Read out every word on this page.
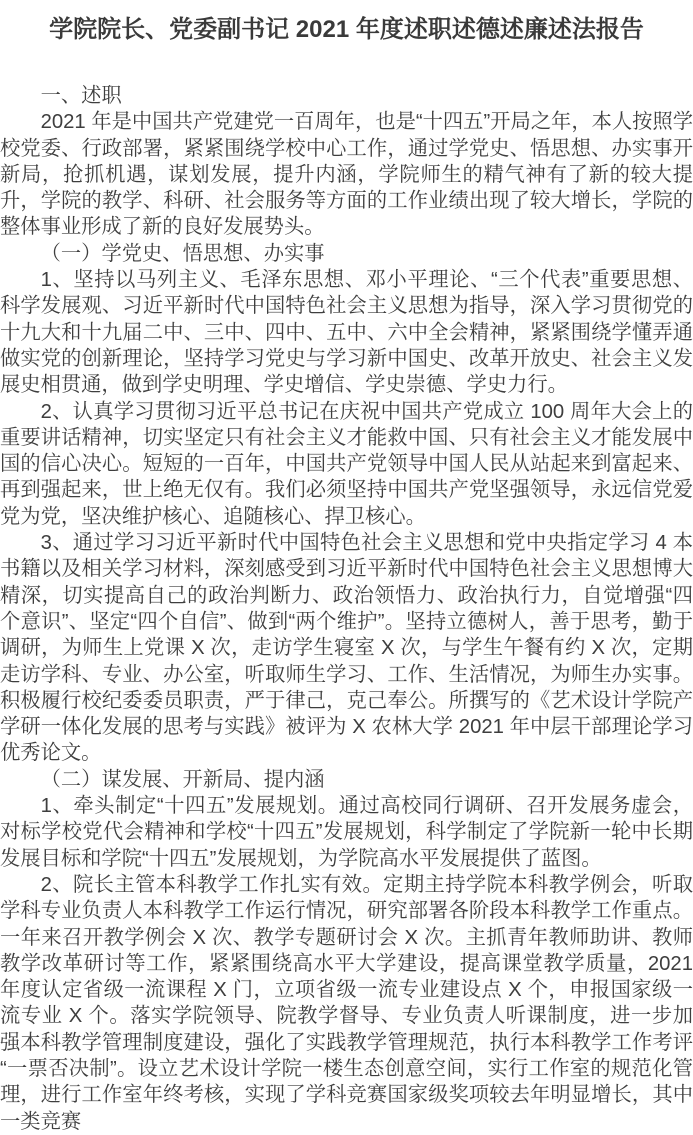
学院院长、党委副书记 2021 年度述职述德述廉述法报告

一、述职

2021 年是中国共产党建党一百周年，也是“十四五”开局之年，本人按照学校党委、行政部署，紧紧围绕学校中心工作，通过学党史、悟思想、办实事开新局，抢抓机遇，谋划发展，提升内涵，学院师生的精气神有了新的较大提升，学院的教学、科研、社会服务等方面的工作业绩出现了较大增长，学院的整体事业形成了新的良好发展势头。

（一）学党史、悟思想、办实事

1、坚持以马列主义、毛泽东思想、邓小平理论、“三个代表”重要思想、科学发展观、习近平新时代中国特色社会主义思想为指导，深入学习贯彻党的十九大和十九届二中、三中、四中、五中、六中全会精神，紧紧围绕学懂弄通做实党的创新理论，坚持学习党史与学习新中国史、改革开放史、社会主义发展史相贯通，做到学史明理、学史增信、学史崇德、学史力行。

2、认真学习贯彻习近平总书记在庆祝中国共产党成立 100 周年大会上的重要讲话精神，切实坚定只有社会主义才能救中国、只有社会主义才能发展中国的信心决心。短短的一百年，中国共产党领导中国人民从站起来到富起来、再到强起来，世上绝无仅有。我们必须坚持中国共产党坚强领导，永远信党爱党为党，坚决维护核心、追随核心、捍卫核心。

3、通过学习习近平新时代中国特色社会主义思想和党中央指定学习 4 本书籍以及相关学习材料，深刻感受到习近平新时代中国特色社会主义思想博大精深，切实提高自己的政治判断力、政治领悟力、政治执行力，自觉增强“四个意识”、坚定“四个自信”、做到“两个维护”。坚持立德树人，善于思考，勤于调研，为师生上党课 X 次，走访学生寝室 X 次，与学生午餐有约 X 次，定期走访学科、专业、办公室，听取师生学习、工作、生活情况，为师生办实事。积极履行校纪委委员职责，严于律己，克己奉公。所撰写的《艺术设计学院产学研一体化发展的思考与实践》被评为 X 农林大学 2021 年中层干部理论学习优秀论文。

（二）谋发展、开新局、提内涵

1、牵头制定“十四五”发展规划。通过高校同行调研、召开发展务虚会，对标学校党代会精神和学校“十四五”发展规划，科学制定了学院新一轮中长期发展目标和学院“十四五”发展规划，为学院高水平发展提供了蓝图。

2、院长主管本科教学工作扎实有效。定期主持学院本科教学例会，听取学科专业负责人本科教学工作运行情况，研究部署各阶段本科教学工作重点。一年来召开教学例会 X 次、教学专题研讨会 X 次。主抓青年教师助讲、教师教学改革研讨等工作，紧紧围绕高水平大学建设，提高课堂教学质量，2021 年度认定省级一流课程 X 门，立项省级一流专业建设点 X 个，申报国家级一流专业 X 个。落实学院领导、院教学督导、专业负责人听课制度，进一步加强本科教学管理制度建设，强化了实践教学管理规范，执行本科教学工作考评“一票否决制”。设立艺术设计学院一楼生态创意空间，实行工作室的规范化管理，进行工作室年终考核，实现了学科竞赛国家级奖项较去年明显增长，其中一类竞赛
